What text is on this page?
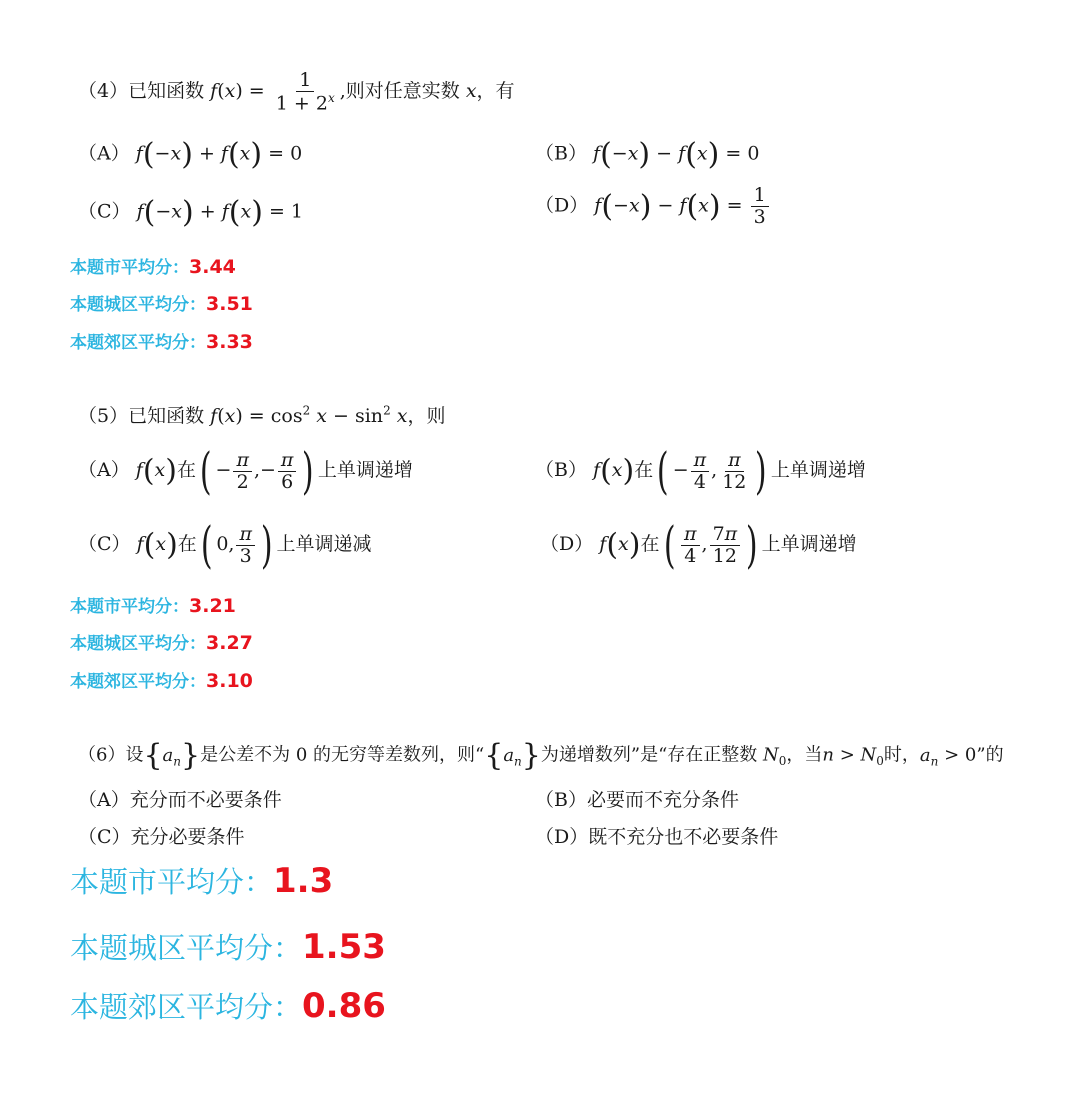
（4）已知函数 $f(x) = \frac{1}{1 + 2^x}$ ,则对任意实数 x，有
（A） f(−x) + f(x) = 0	（B） f(−x) − f(x) = 0
（C） f(−x) + f(x) = 1	（D） $f(-x) - f(x) = \frac{1}{3}$
本题市平均分：3.44
本题城区平均分：3.51
本题郊区平均分：3.33
（5）已知函数 $f(x) = \cos^2 x - \sin^2 x$，则
（A） f(x)在( − $\frac{\pi}{2}$ ,− $\frac{\pi}{6}$ ) 上单调递增	（B） f(x)在( − $\frac{\pi}{4}$ , $\frac{\pi}{12}$ ) 上单调递增
（C） f(x)在( 0, $\frac{\pi}{3}$ ) 上单调递减	（D） f(x)在( $\frac{\pi}{4}$ , $\frac{7\pi}{12}$ ) 上单调递增
本题市平均分：3.21
本题城区平均分：3.27
本题郊区平均分：3.10
（6）设$\{a_n\}$是公差不为 0 的无穷等差数列，则“$\{a_n\}$为递增数列”是“存在正整数 $N_0$，当$n > N_0$时，$a_n > 0$”的
（A）充分而不必要条件	（B）必要而不充分条件
（C）充分必要条件	（D）既不充分也不必要条件
本题市平均分：1.3
本题城区平均分：1.53
本题郊区平均分：0.86
